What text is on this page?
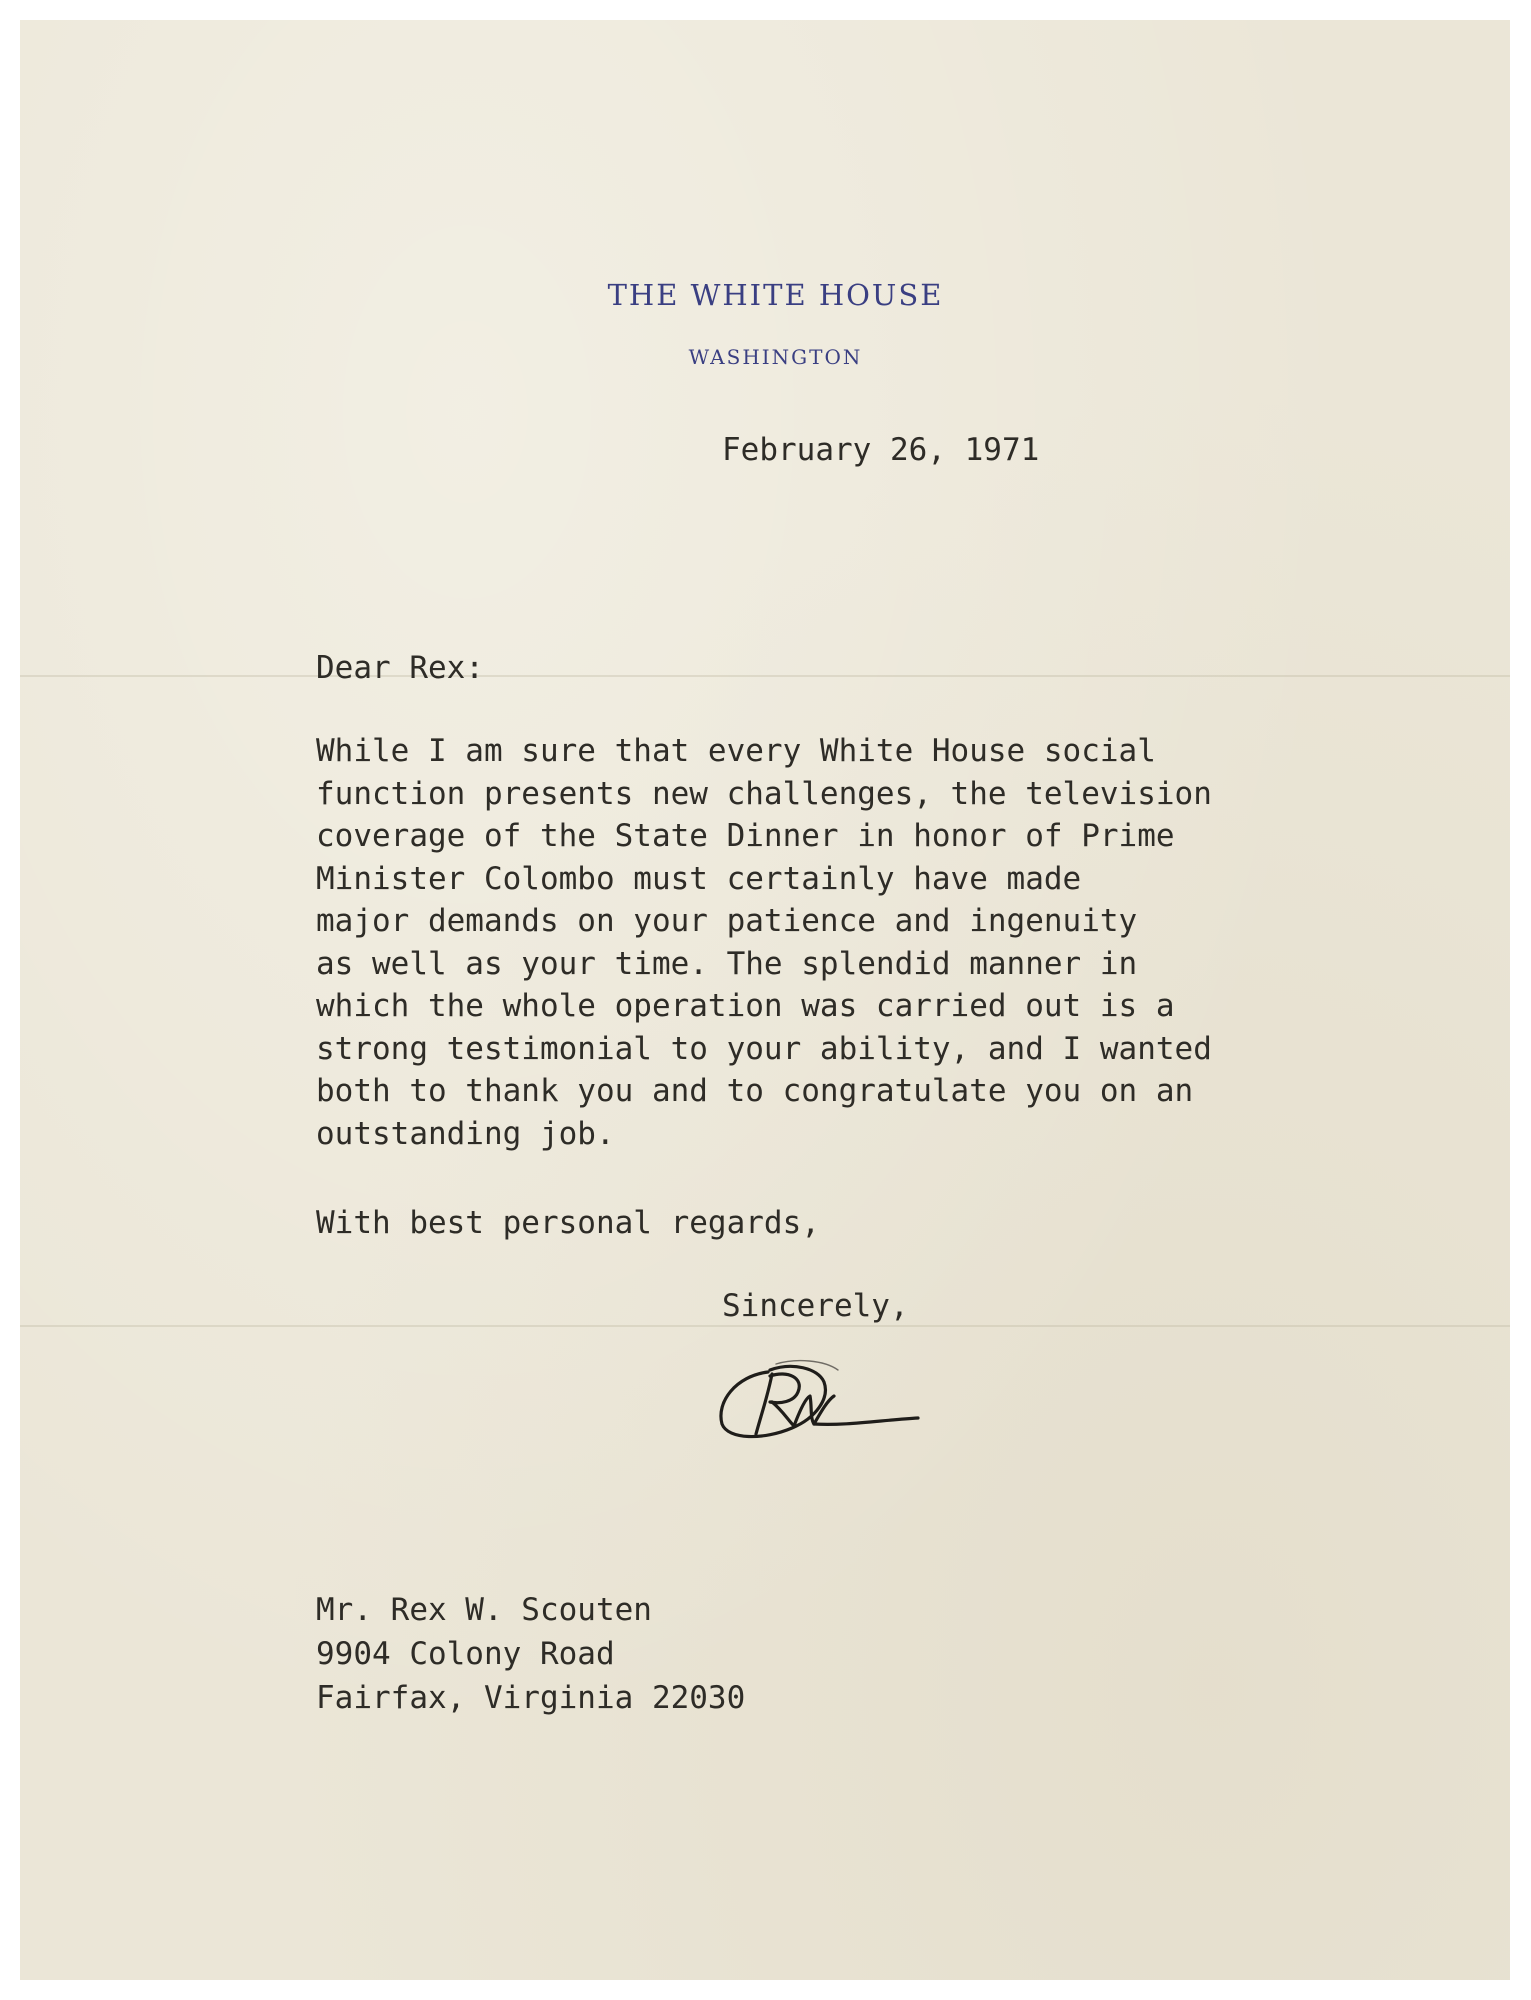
THE WHITE HOUSE
WASHINGTON
February 26, 1971
Dear Rex:
While I am sure that every White House social
function presents new challenges, the television
coverage of the State Dinner in honor of Prime
Minister Colombo must certainly have made
major demands on your patience and ingenuity
as well as your time. The splendid manner in
which the whole operation was carried out is a
strong testimonial to your ability, and I wanted
both to thank you and to congratulate you on an
outstanding job.
With best personal regards,
Sincerely,
Mr. Rex W. Scouten
9904 Colony Road
Fairfax, Virginia 22030
